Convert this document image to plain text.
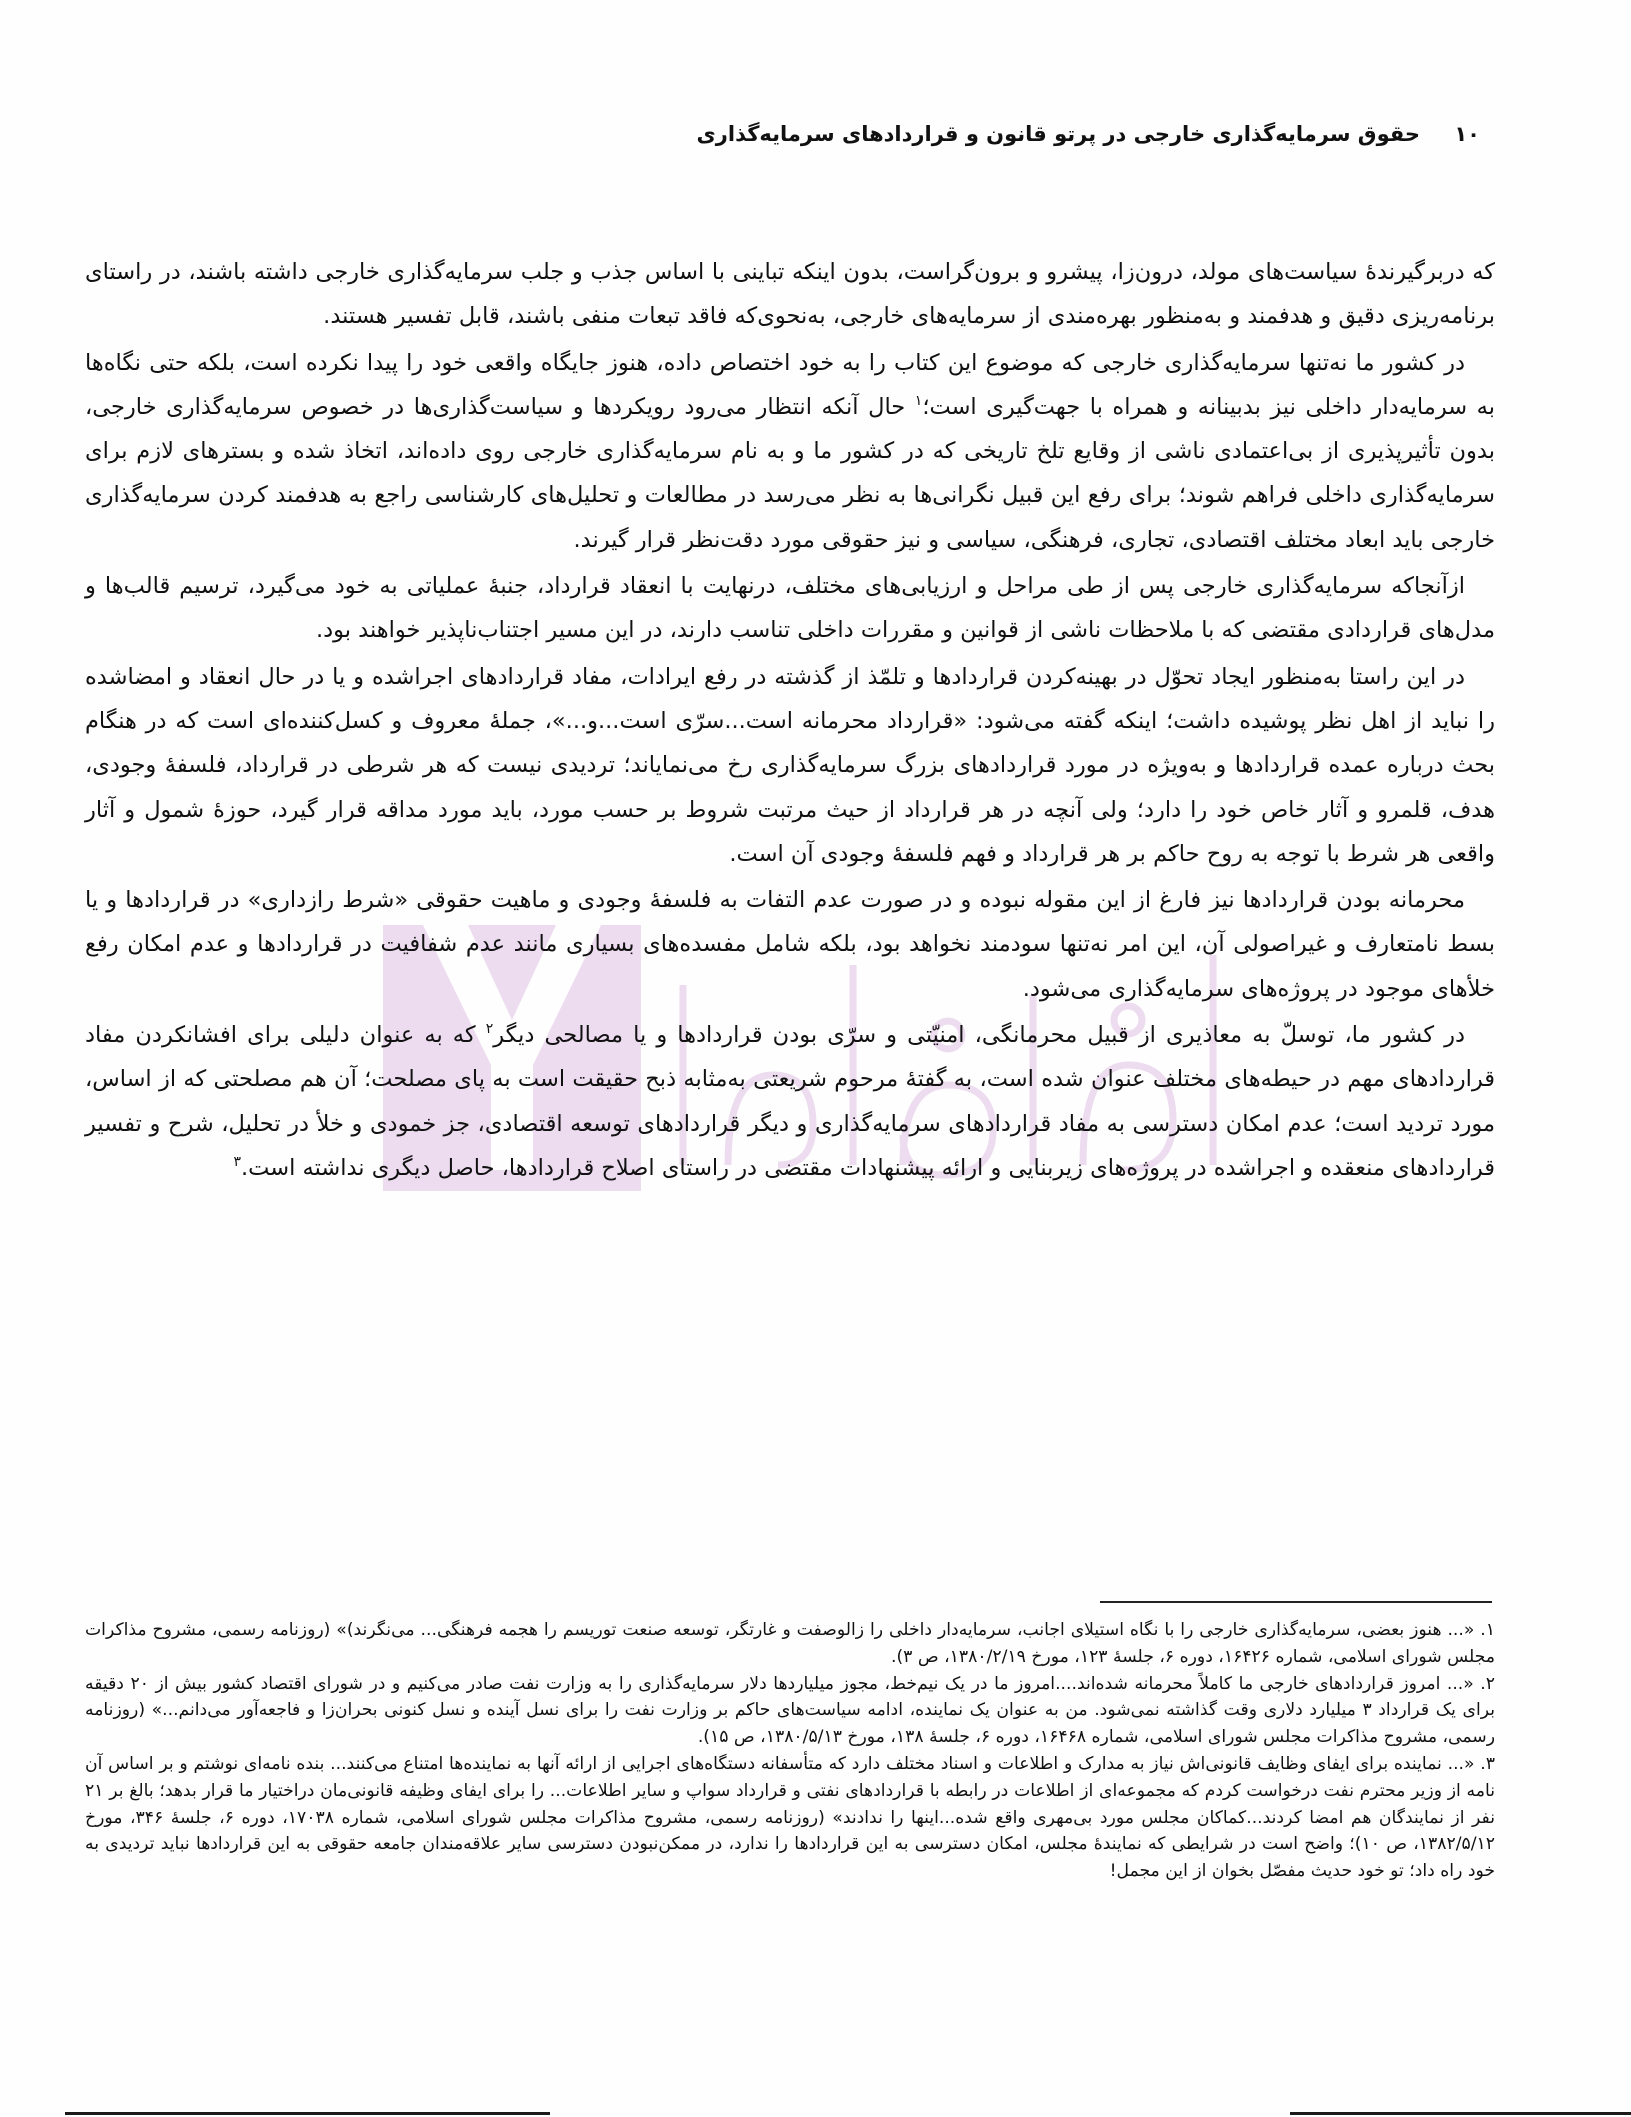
۱۰
حقوق سرمایه‌گذاری خارجی در پرتو قانون و قراردادهای سرمایه‌گذاری

که دربرگیرندۀ سیاست‌های مولد، درون‌زا، پیشرو و برون‌گراست، بدون اینکه تباینی با اساس جذب و جلب سرمایه‌گذاری خارجی داشته باشند، در راستای برنامه‌ریزی دقیق و هدفمند و به‌منظور بهره‌مندی از سرمایه‌های خارجی، به‌نحوی‌که فاقد تبعات منفی باشند، قابل تفسیر هستند.

در کشور ما نه‌تنها سرمایه‌گذاری خارجی که موضوع این کتاب را به خود اختصاص داده، هنوز جایگاه واقعی خود را پیدا نکرده است، بلکه حتی نگاه‌ها به سرمایه‌دار داخلی نیز بدبینانه و همراه با جهت‌گیری است؛$^۱$ حال آنکه انتظار می‌رود رویکردها و سیاست‌گذاری‌ها در خصوص سرمایه‌گذاری خارجی، بدون تأثیرپذیری از بی‌اعتمادی ناشی از وقایع تلخ تاریخی که در کشور ما و به نام سرمایه‌گذاری خارجی روی داده‌اند، اتخاذ شده و بسترهای لازم برای سرمایه‌گذاری داخلی فراهم شوند؛ برای رفع این قبیل نگرانی‌ها به نظر می‌رسد در مطالعات و تحلیل‌های کارشناسی راجع به هدفمند کردن سرمایه‌گذاری خارجی باید ابعاد مختلف اقتصادی، تجاری، فرهنگی، سیاسی و نیز حقوقی مورد دقت‌نظر قرار گیرند.

ازآنجاکه سرمایه‌گذاری خارجی پس از طی مراحل و ارزیابی‌های مختلف، درنهایت با انعقاد قرارداد، جنبۀ عملیاتی به خود می‌گیرد، ترسیم قالب‌ها و مدل‌های قراردادی مقتضی که با ملاحظات ناشی از قوانین و مقررات داخلی تناسب دارند، در این مسیر اجتناب‌ناپذیر خواهند بود.

در این راستا به‌منظور ایجاد تحوّل در بهینه‌کردن قراردادها و تلمّذ از گذشته در رفع ایرادات، مفاد قراردادهای اجراشده و یا در حال انعقاد و امضاشده را نباید از اهل نظر پوشیده داشت؛ اینکه گفته می‌شود: «قرارداد محرمانه است...سرّی است...و...»، جملۀ معروف و کسل‌کننده‌ای است که در هنگام بحث درباره عمده قراردادها و به‌ویژه در مورد قراردادهای بزرگ سرمایه‌گذاری رخ می‌نمایاند؛ تردیدی نیست که هر شرطی در قرارداد، فلسفۀ وجودی، هدف، قلمرو و آثار خاص خود را دارد؛ ولی آنچه در هر قرارداد از حیث مرتبت شروط بر حسب مورد، باید مورد مداقه قرار گیرد، حوزۀ شمول و آثار واقعی هر شرط با توجه به روح حاکم بر هر قرارداد و فهم فلسفۀ وجودی آن است.

محرمانه بودن قراردادها نیز فارغ از این مقوله نبوده و در صورت عدم التفات به فلسفۀ وجودی و ماهیت حقوقی «شرط رازداری» در قراردادها و یا بسط نامتعارف و غیراصولی آن، این امر نه‌تنها سودمند نخواهد بود، بلکه شامل مفسده‌های بسیاری مانند عدم شفافیت در قراردادها و عدم امکان رفع خلأهای موجود در پروژه‌های سرمایه‌گذاری می‌شود.

در کشور ما، توسلّ به معاذیری از قبیل محرمانگی، امنیّتی و سرّی بودن قراردادها و یا مصالحی دیگر$^۲$ که به عنوان دلیلی برای افشانکردن مفاد قراردادهای مهم در حیطه‌های مختلف عنوان شده است، به گفتۀ مرحوم شریعتی به‌مثابه ذبح حقیقت است به پای مصلحت؛ آن هم مصلحتی که از اساس، مورد تردید است؛ عدم امکان دسترسی به مفاد قراردادهای سرمایه‌گذاری و دیگر قراردادهای توسعه اقتصادی، جز خمودی و خلأ در تحلیل، شرح و تفسیر قراردادهای منعقده و اجراشده در پروژه‌های زیربنایی و ارائه پیشنهادات مقتضی در راستای اصلاح قراردادها، حاصل دیگری نداشته است.$^۳$

۱. «... هنوز بعضی، سرمایه‌گذاری خارجی را با نگاه استیلای اجانب، سرمایه‌دار داخلی را زالوصفت و غارتگر، توسعه صنعت توریسم را هجمه فرهنگی... می‌نگرند)» (روزنامه رسمی، مشروح مذاکرات مجلس شورای اسلامی، شماره ۱۶۴۲۶، دوره ۶، جلسۀ ۱۲۳، مورخ ۱۳۸۰/۲/۱۹، ص ۳).

۲. «... امروز قراردادهای خارجی ما کاملاً محرمانه شده‌اند....امروز ما در یک نیم‌خط، مجوز میلیاردها دلار سرمایه‌گذاری را به وزارت نفت صادر می‌کنیم و در شورای اقتصاد کشور بیش از ۲۰ دقیقه برای یک قرارداد ۳ میلیارد دلاری وقت گذاشته نمی‌شود. من به عنوان یک نماینده، ادامه سیاست‌های حاکم بر وزارت نفت را برای نسل آینده و نسل کنونی بحران‌زا و فاجعه‌آور می‌دانم...» (روزنامه رسمی، مشروح مذاکرات مجلس شورای اسلامی، شماره ۱۶۴۶۸، دوره ۶، جلسۀ ۱۳۸، مورخ ۱۳۸۰/۵/۱۳، ص ۱۵).

۳. «... نماینده برای ایفای وظایف قانونی‌اش نیاز به مدارک و اطلاعات و اسناد مختلف دارد که متأسفانه دستگاه‌های اجرایی از ارائه آنها به نماینده‌ها امتناع می‌کنند... بنده نامه‌ای نوشتم و بر اساس آن نامه از وزیر محترم نفت درخواست کردم که مجموعه‌ای از اطلاعات در رابطه با قراردادهای نفتی و قرارداد سواپ و سایر اطلاعات... را برای ایفای وظیفه قانونی‌مان دراختیار ما قرار بدهد؛ بالغ بر ۲۱ نفر از نمایندگان هم امضا کردند...کماکان مجلس مورد بی‌مهری واقع شده...اینها را ندادند» (روزنامه رسمی، مشروح مذاکرات مجلس شورای اسلامی، شماره ۱۷۰۳۸، دوره ۶، جلسۀ ۳۴۶، مورخ ۱۳۸۲/۵/۱۲، ص ۱۰)؛ واضح است در شرایطی که نمایندۀ مجلس، امکان دسترسی به این قراردادها را ندارد، در ممکن‌نبودن دسترسی سایر علاقه‌مندان جامعه حقوقی به این قراردادها نباید تردیدی به خود راه داد؛ تو خود حدیث مفصّل بخوان از این مجمل!
